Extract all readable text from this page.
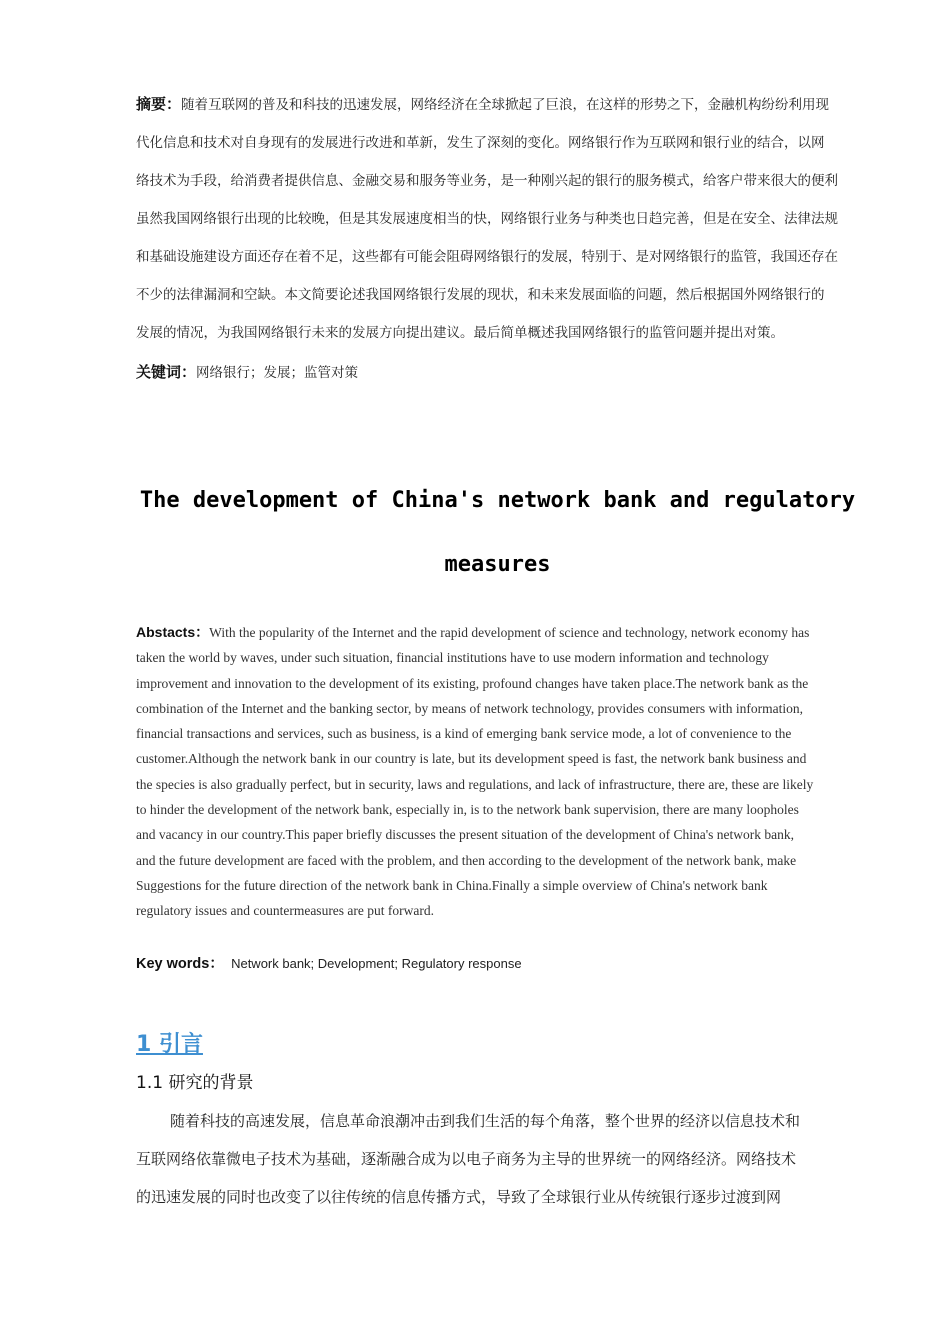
摘要：随着互联网的普及和科技的迅速发展，网络经济在全球掀起了巨浪，在这样的形势之下，金融机构纷纷利用现
代化信息和技术对自身现有的发展进行改进和革新，发生了深刻的变化。网络银行作为互联网和银行业的结合，以网
络技术为手段，给消费者提供信息、金融交易和服务等业务，是一种刚兴起的银行的服务模式，给客户带来很大的便利
虽然我国网络银行出现的比较晚，但是其发展速度相当的快，网络银行业务与种类也日趋完善，但是在安全、法律法规
和基础设施建设方面还存在着不足，这些都有可能会阻碍网络银行的发展，特别于、是对网络银行的监管，我国还存在
不少的法律漏洞和空缺。本文简要论述我国网络银行发展的现状，和未来发展面临的问题，然后根据国外网络银行的
发展的情况，为我国网络银行未来的发展方向提出建议。最后简单概述我国网络银行的监管问题并提出对策。
关键词：网络银行；发展；监管对策
The development of China's network bank and regulatory
measures
Abstacts：With the popularity of the Internet and the rapid development of science and technology, network economy has
taken the world by waves, under such situation, financial institutions have to use modern information and technology
improvement and innovation to the development of its existing, profound changes have taken place.The network bank as the
combination of the Internet and the banking sector, by means of network technology, provides consumers with information,
financial transactions and services, such as business, is a kind of emerging bank service mode, a lot of convenience to the
customer.Although the network bank in our country is late, but its development speed is fast, the network bank business and
the species is also gradually perfect, but in security, laws and regulations, and lack of infrastructure, there are, these are likely
to hinder the development of the network bank, especially in, is to the network bank supervision, there are many loopholes
and vacancy in our country.This paper briefly discusses the present situation of the development of China's network bank,
and the future development are faced with the problem, and then according to the development of the network bank, make
Suggestions for the future direction of the network bank in China.Finally a simple overview of China's network bank
regulatory issues and countermeasures are put forward.
Key words： Network bank; Development; Regulatory response
1 引言
1.1 研究的背景
随着科技的高速发展，信息革命浪潮冲击到我们生活的每个角落，整个世界的经济以信息技术和
互联网络依靠微电子技术为基础，逐渐融合成为以电子商务为主导的世界统一的网络经济。网络技术
的迅速发展的同时也改变了以往传统的信息传播方式，导致了全球银行业从传统银行逐步过渡到网
